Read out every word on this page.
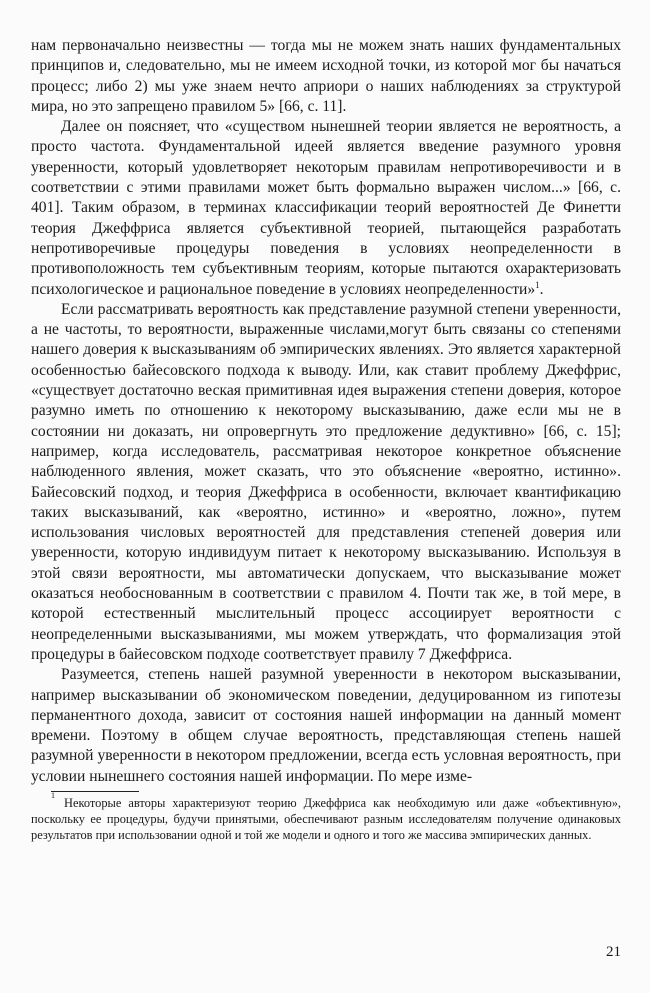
нам первоначально неизвестны — тогда мы не можем знать наших фундаментальных принципов и, следовательно, мы не имеем исходной точки, из которой мог бы начаться процесс; либо 2) мы уже знаем нечто априори о наших наблюдениях за структурой мира, но это запрещено правилом 5» [66, с. 11].

Далее он поясняет, что «существом нынешней теории является не вероятность, а просто частота. Фундаментальной идеей является введение разумного уровня уверенности, который удовлетворяет некоторым правилам непротиворечивости и в соответствии с этими правилами может быть формально выражен числом...» [66, с. 401]. Таким образом, в терминах классификации теорий вероятностей Де Финетти теория Джеффриса является субъективной теорией, пытающейся разработать непротиворечивые процедуры поведения в условиях неопределенности в противоположность тем субъективным теориям, которые пытаются охарактеризовать психологическое и рациональное поведение в условиях неопределенности»$^1$.

Если рассматривать вероятность как представление разумной степени уверенности, а не частоты, то вероятности, выраженные числами,могут быть связаны со степенями нашего доверия к высказываниям об эмпирических явлениях. Это является характерной особенностью байесовского подхода к выводу. Или, как ставит проблему Джеффрис, «существует достаточно веская примитивная идея выражения степени доверия, которое разумно иметь по отношению к некоторому высказыванию, даже если мы не в состоянии ни доказать, ни опровергнуть это предложение дедуктивно» [66, с. 15]; например, когда исследователь, рассматривая некоторое конкретное объяснение наблюденного явления, может сказать, что это объяснение «вероятно, истинно». Байесовский подход, и теория Джеффриса в особенности, включает квантификацию таких высказываний, как «вероятно, истинно» и «вероятно, ложно», путем использования числовых вероятностей для представления степеней доверия или уверенности, которую индивидуум питает к некоторому высказыванию. Используя в этой связи вероятности, мы автоматически допускаем, что высказывание может оказаться необоснованным в соответствии с правилом 4. Почти так же, в той мере, в которой естественный мыслительный процесс ассоциирует вероятности с неопределенными высказываниями, мы можем утверждать, что формализация этой процедуры в байесовском подходе соответствует правилу 7 Джеффриса.

Разумеется, степень нашей разумной уверенности в некотором высказывании, например высказывании об экономическом поведении, дедуцированном из гипотезы перманентного дохода, зависит от состояния нашей информации на данный момент времени. Поэтому в общем случае вероятность, представляющая степень нашей разумной уверенности в некотором предложении, всегда есть условная вероятность, при условии нынешнего состояния нашей информации. По мере изме-

$^1$ Некоторые авторы характеризуют теорию Джеффриса как необходимую или даже «объективную», поскольку ее процедуры, будучи принятыми, обеспечивают разным исследователям получение одинаковых результатов при использовании одной и той же модели и одного и того же массива эмпирических данных.

21
